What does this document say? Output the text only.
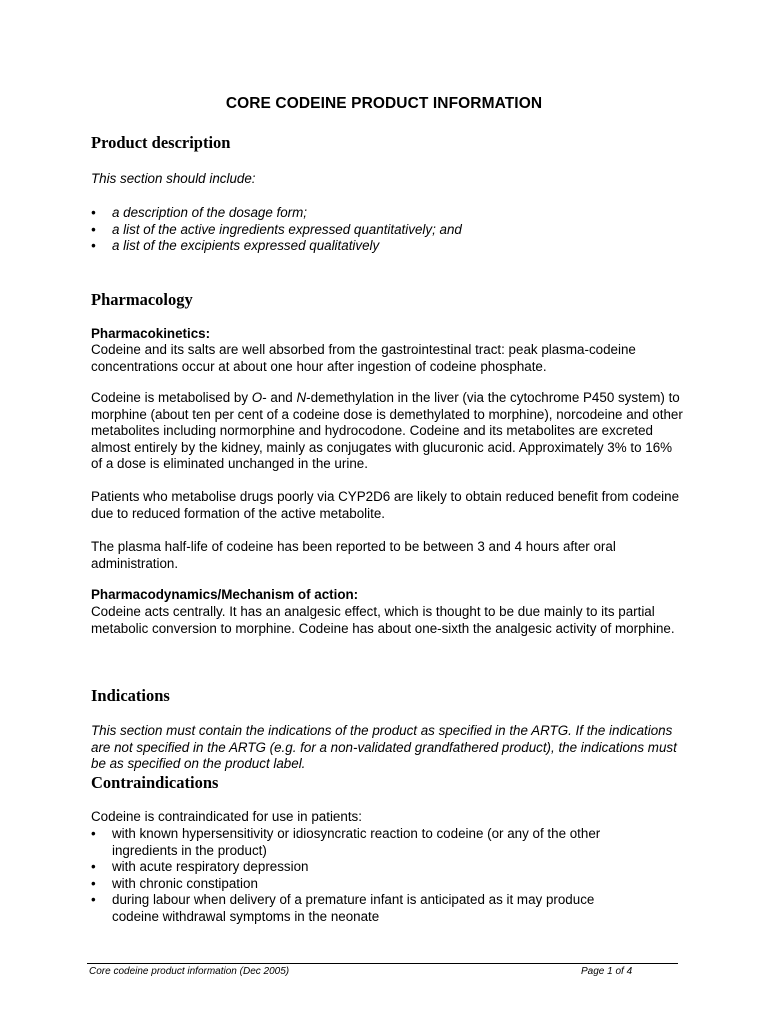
CORE CODEINE PRODUCT INFORMATION
Product description

This section should include:

• a description of the dosage form;
• a list of the active ingredients expressed quantitatively; and
• a list of the excipients expressed qualitatively
Pharmacology

Pharmacokinetics:

Codeine and its salts are well absorbed from the gastrointestinal tract: peak plasma-codeine concentrations occur at about one hour after ingestion of codeine phosphate.

Codeine is metabolised by O- and N-demethylation in the liver (via the cytochrome P450 system) to morphine (about ten per cent of a codeine dose is demethylated to morphine), norcodeine and other metabolites including normorphine and hydrocodone. Codeine and its metabolites are excreted almost entirely by the kidney, mainly as conjugates with glucuronic acid. Approximately 3% to 16% of a dose is eliminated unchanged in the urine.

Patients who metabolise drugs poorly via CYP2D6 are likely to obtain reduced benefit from codeine due to reduced formation of the active metabolite.

The plasma half-life of codeine has been reported to be between 3 and 4 hours after oral administration.

Pharmacodynamics/Mechanism of action:

Codeine acts centrally. It has an analgesic effect, which is thought to be due mainly to its partial metabolic conversion to morphine. Codeine has about one-sixth the analgesic activity of morphine.

Indications

This section must contain the indications of the product as specified in the ARTG. If the indications are not specified in the ARTG (e.g. for a non-validated grandfathered product), the indications must be as specified on the product label.

Contraindications

Codeine is contraindicated for use in patients:

• with known hypersensitivity or idiosyncratic reaction to codeine (or any of the other ingredients in the product)
• with acute respiratory depression
• with chronic constipation
• during labour when delivery of a premature infant is anticipated as it may produce codeine withdrawal symptoms in the neonate
Core codeine product information (Dec 2005)	Page 1 of 4
